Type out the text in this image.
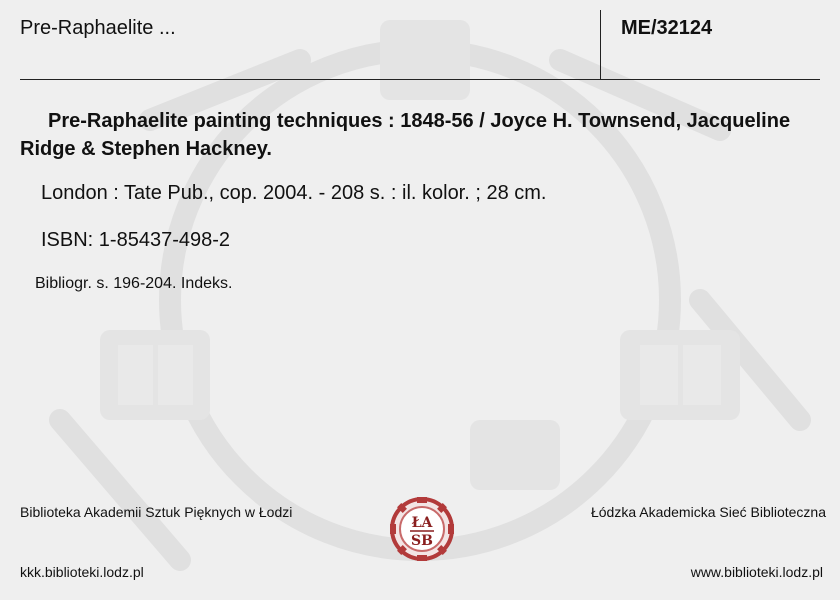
Pre-Raphaelite ...	ME/32124
Pre-Raphaelite painting techniques : 1848-56 / Joyce H. Townsend, Jacqueline Ridge & Stephen Hackney.
London : Tate Pub., cop. 2004. - 208 s. : il. kolor. ; 28 cm.
ISBN: 1-85437-498-2
Bibliogr. s. 196-204. Indeks.
Biblioteka Akademii Sztuk Pięknych w Łodzi	Łódzka Akademicka Sieć Biblioteczna
ŁA
SB
kkk.biblioteki.lodz.pl	www.biblioteki.lodz.pl
